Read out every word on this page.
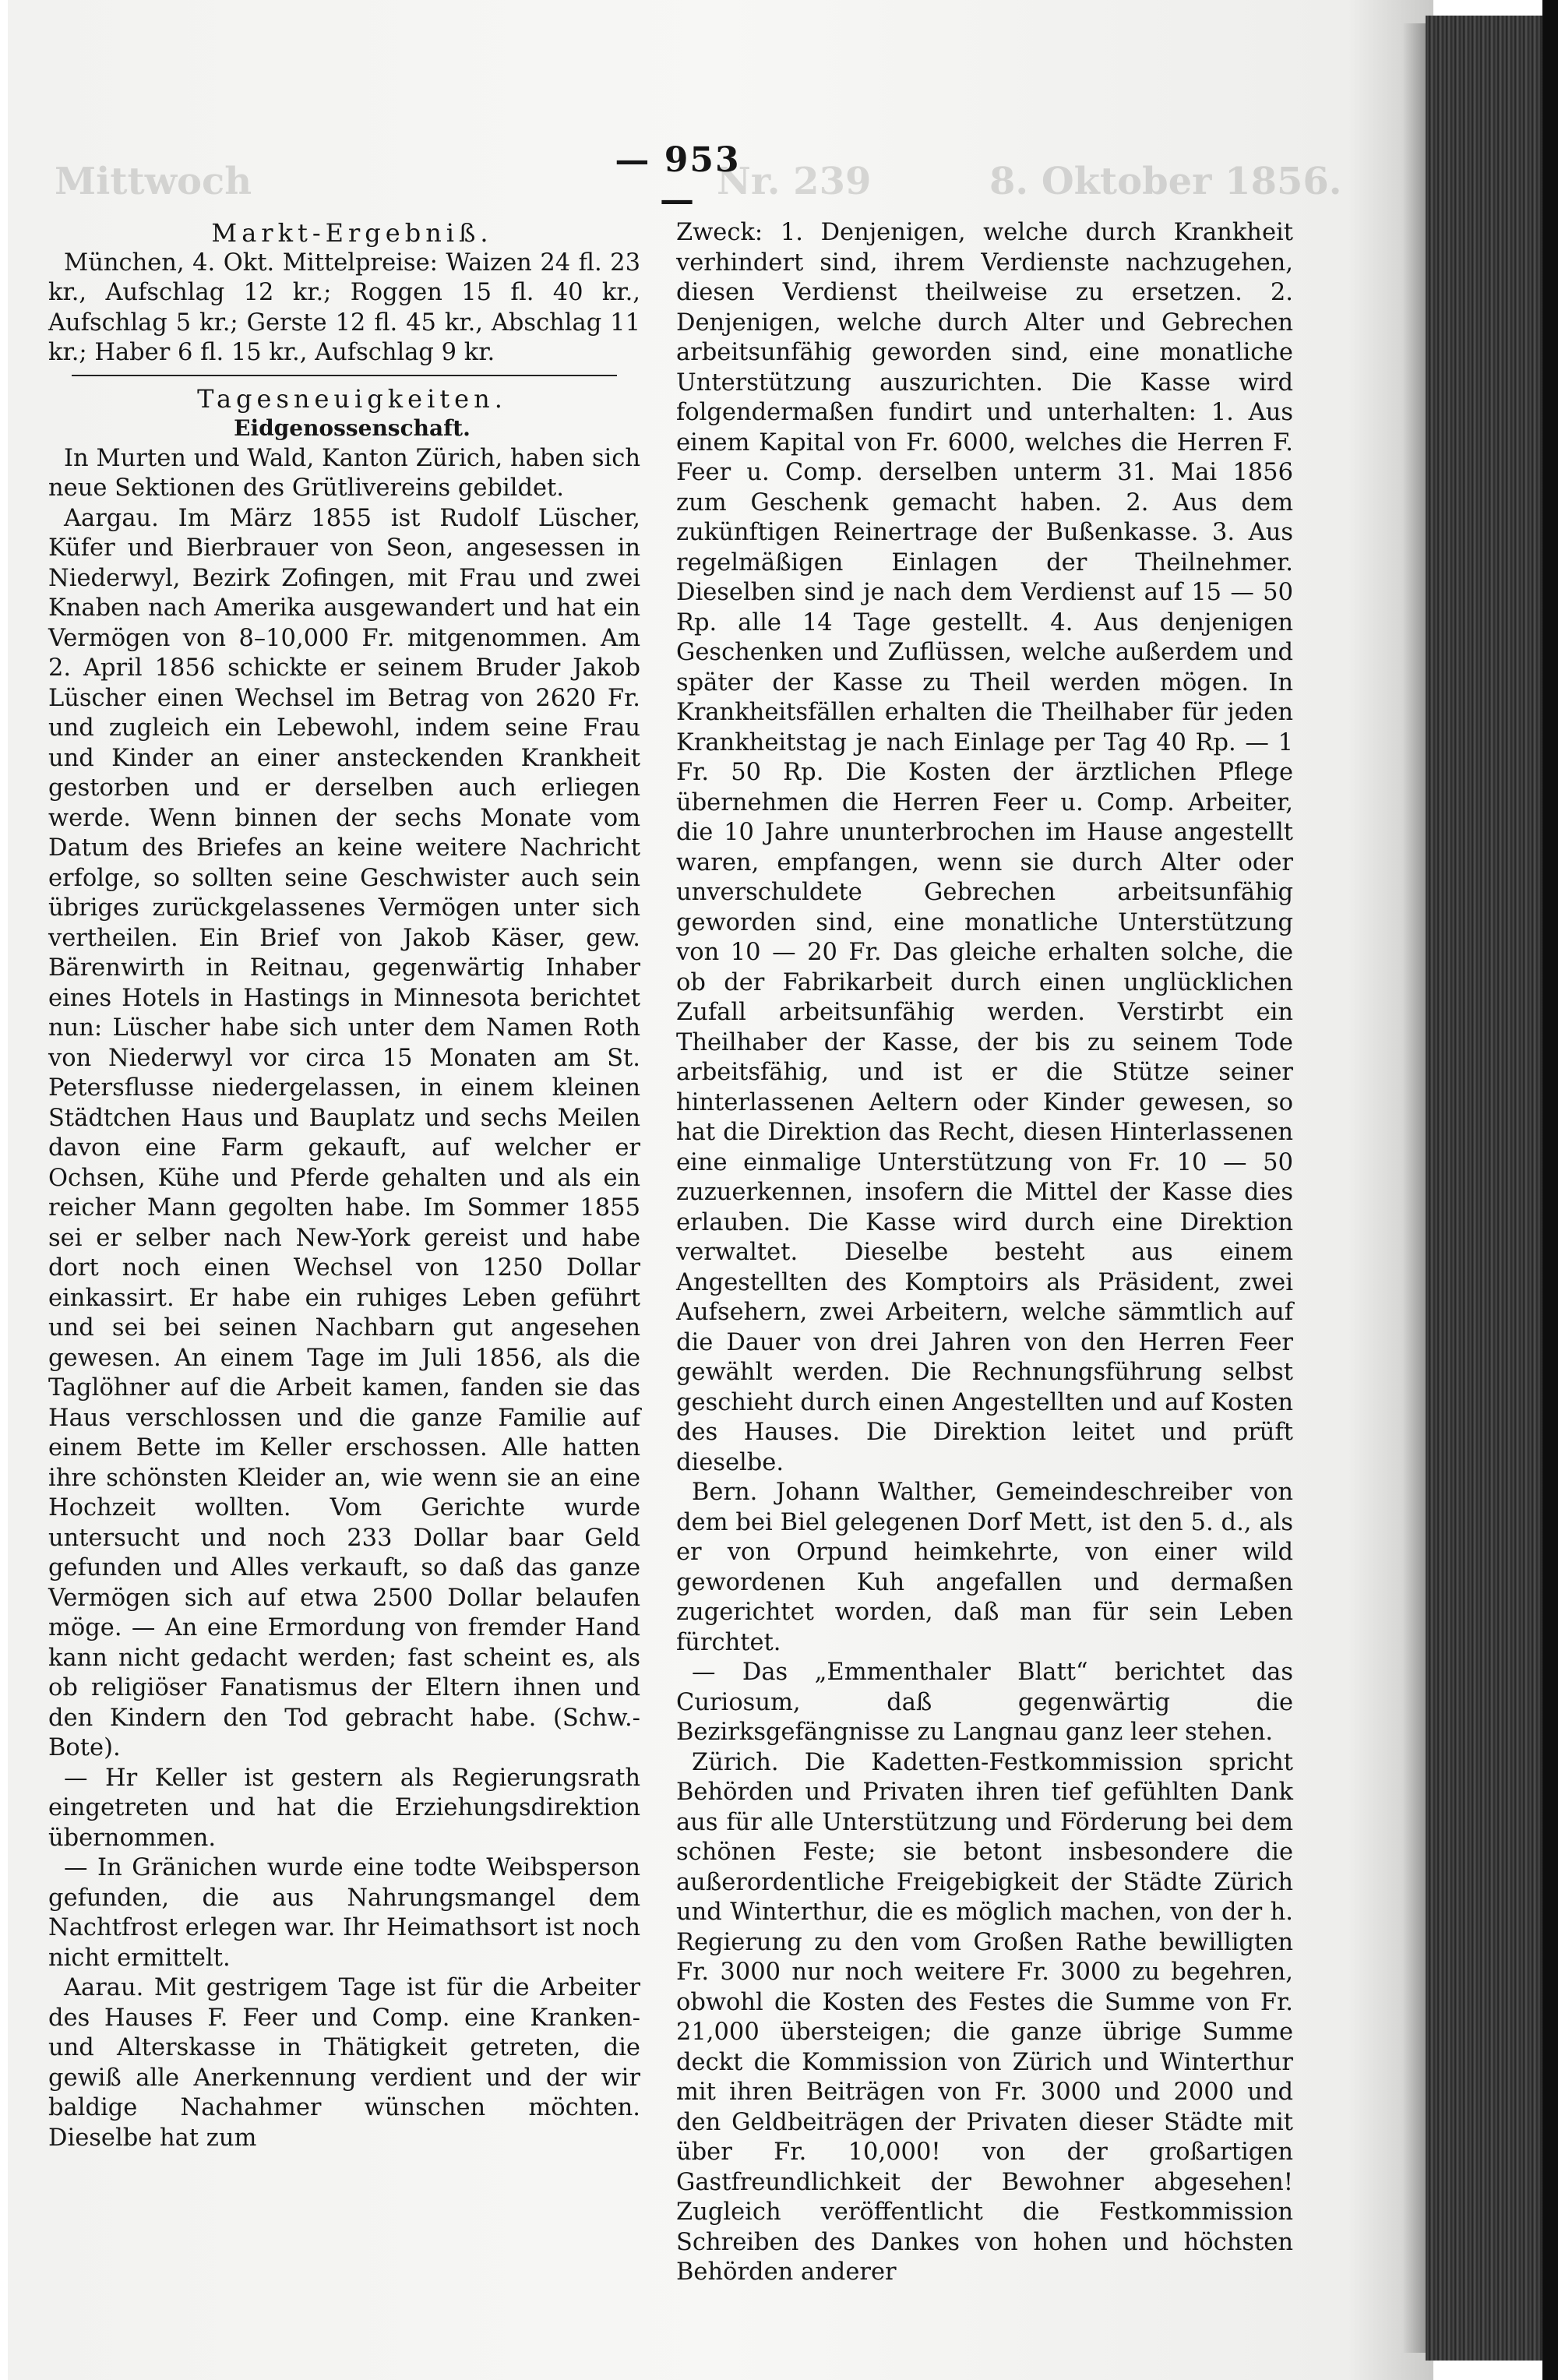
Mittwoch	Nr. 239	8. Oktober 1856.
— 953 —

Markt-Ergebniß.

München, 4. Okt. Mittelpreise: Waizen 24 fl. 23 kr., Aufschlag 12 kr.; Roggen 15 fl. 40 kr., Aufschlag 5 kr.; Gerste 12 fl. 45 kr., Abschlag 11 kr.; Haber 6 fl. 15 kr., Aufschlag 9 kr.

Tagesneuigkeiten.

Eidgenossenschaft.

In Murten und Wald, Kanton Zürich, haben sich neue Sektionen des Grütlivereins gebildet.

Aargau. Im März 1855 ist Rudolf Lüscher, Küfer und Bierbrauer von Seon, angesessen in Niederwyl, Bezirk Zofingen, mit Frau und zwei Knaben nach Amerika ausgewandert und hat ein Vermögen von 8–10,000 Fr. mitgenommen. Am 2. April 1856 schickte er seinem Bruder Jakob Lüscher einen Wechsel im Betrag von 2620 Fr. und zugleich ein Lebewohl, indem seine Frau und Kinder an einer ansteckenden Krankheit gestorben und er derselben auch erliegen werde. Wenn binnen der sechs Monate vom Datum des Briefes an keine weitere Nachricht erfolge, so sollten seine Geschwister auch sein übriges zurückgelassenes Vermögen unter sich vertheilen. Ein Brief von Jakob Käser, gew. Bärenwirth in Reitnau, gegenwärtig Inhaber eines Hotels in Hastings in Minnesota berichtet nun: Lüscher habe sich unter dem Namen Roth von Niederwyl vor circa 15 Monaten am St. Petersflusse niedergelassen, in einem kleinen Städtchen Haus und Bauplatz und sechs Meilen davon eine Farm gekauft, auf welcher er Ochsen, Kühe und Pferde gehalten und als ein reicher Mann gegolten habe. Im Sommer 1855 sei er selber nach New-York gereist und habe dort noch einen Wechsel von 1250 Dollar einkassirt. Er habe ein ruhiges Leben geführt und sei bei seinen Nachbarn gut angesehen gewesen. An einem Tage im Juli 1856, als die Taglöhner auf die Arbeit kamen, fanden sie das Haus verschlossen und die ganze Familie auf einem Bette im Keller erschossen. Alle hatten ihre schönsten Kleider an, wie wenn sie an eine Hochzeit wollten. Vom Gerichte wurde untersucht und noch 233 Dollar baar Geld gefunden und Alles verkauft, so daß das ganze Vermögen sich auf etwa 2500 Dollar belaufen möge. — An eine Ermordung von fremder Hand kann nicht gedacht werden; fast scheint es, als ob religiöser Fanatismus der Eltern ihnen und den Kindern den Tod gebracht habe. (Schw.-Bote).

— Hr Keller ist gestern als Regierungsrath eingetreten und hat die Erziehungsdirektion übernommen.

— In Gränichen wurde eine todte Weibsperson gefunden, die aus Nahrungsmangel dem Nachtfrost erlegen war. Ihr Heimathsort ist noch nicht ermittelt.

Aarau. Mit gestrigem Tage ist für die Arbeiter des Hauses F. Feer und Comp. eine Kranken- und Alterskasse in Thätigkeit getreten, die gewiß alle Anerkennung verdient und der wir baldige Nachahmer wünschen möchten. Dieselbe hat zum

Zweck: 1. Denjenigen, welche durch Krankheit verhindert sind, ihrem Verdienste nachzugehen, diesen Verdienst theilweise zu ersetzen. 2. Denjenigen, welche durch Alter und Gebrechen arbeitsunfähig geworden sind, eine monatliche Unterstützung auszurichten. Die Kasse wird folgendermaßen fundirt und unterhalten: 1. Aus einem Kapital von Fr. 6000, welches die Herren F. Feer u. Comp. derselben unterm 31. Mai 1856 zum Geschenk gemacht haben. 2. Aus dem zukünftigen Reinertrage der Bußenkasse. 3. Aus regelmäßigen Einlagen der Theilnehmer. Dieselben sind je nach dem Verdienst auf 15 — 50 Rp. alle 14 Tage gestellt. 4. Aus denjenigen Geschenken und Zuflüssen, welche außerdem und später der Kasse zu Theil werden mögen. In Krankheitsfällen erhalten die Theilhaber für jeden Krankheitstag je nach Einlage per Tag 40 Rp. — 1 Fr. 50 Rp. Die Kosten der ärztlichen Pflege übernehmen die Herren Feer u. Comp. Arbeiter, die 10 Jahre ununterbrochen im Hause angestellt waren, empfangen, wenn sie durch Alter oder unverschuldete Gebrechen arbeitsunfähig geworden sind, eine monatliche Unterstützung von 10 — 20 Fr. Das gleiche erhalten solche, die ob der Fabrikarbeit durch einen unglücklichen Zufall arbeitsunfähig werden. Verstirbt ein Theilhaber der Kasse, der bis zu seinem Tode arbeitsfähig, und ist er die Stütze seiner hinterlassenen Aeltern oder Kinder gewesen, so hat die Direktion das Recht, diesen Hinterlassenen eine einmalige Unterstützung von Fr. 10 — 50 zuzuerkennen, insofern die Mittel der Kasse dies erlauben. Die Kasse wird durch eine Direktion verwaltet. Dieselbe besteht aus einem Angestellten des Komptoirs als Präsident, zwei Aufsehern, zwei Arbeitern, welche sämmtlich auf die Dauer von drei Jahren von den Herren Feer gewählt werden. Die Rechnungsführung selbst geschieht durch einen Angestellten und auf Kosten des Hauses. Die Direktion leitet und prüft dieselbe.

Bern. Johann Walther, Gemeindeschreiber von dem bei Biel gelegenen Dorf Mett, ist den 5. d., als er von Orpund heimkehrte, von einer wild gewordenen Kuh angefallen und dermaßen zugerichtet worden, daß man für sein Leben fürchtet.

— Das „Emmenthaler Blatt“ berichtet das Curiosum, daß gegenwärtig die Bezirksgefängnisse zu Langnau ganz leer stehen.

Zürich. Die Kadetten-Festkommission spricht Behörden und Privaten ihren tief gefühlten Dank aus für alle Unterstützung und Förderung bei dem schönen Feste; sie betont insbesondere die außerordentliche Freigebigkeit der Städte Zürich und Winterthur, die es möglich machen, von der h. Regierung zu den vom Großen Rathe bewilligten Fr. 3000 nur noch weitere Fr. 3000 zu begehren, obwohl die Kosten des Festes die Summe von Fr. 21,000 übersteigen; die ganze übrige Summe deckt die Kommission von Zürich und Winterthur mit ihren Beiträgen von Fr. 3000 und 2000 und den Geldbeiträgen der Privaten dieser Städte mit über Fr. 10,000! von der großartigen Gastfreundlichkeit der Bewohner abgesehen! Zugleich veröffentlicht die Festkommission Schreiben des Dankes von hohen und höchsten Behörden anderer
